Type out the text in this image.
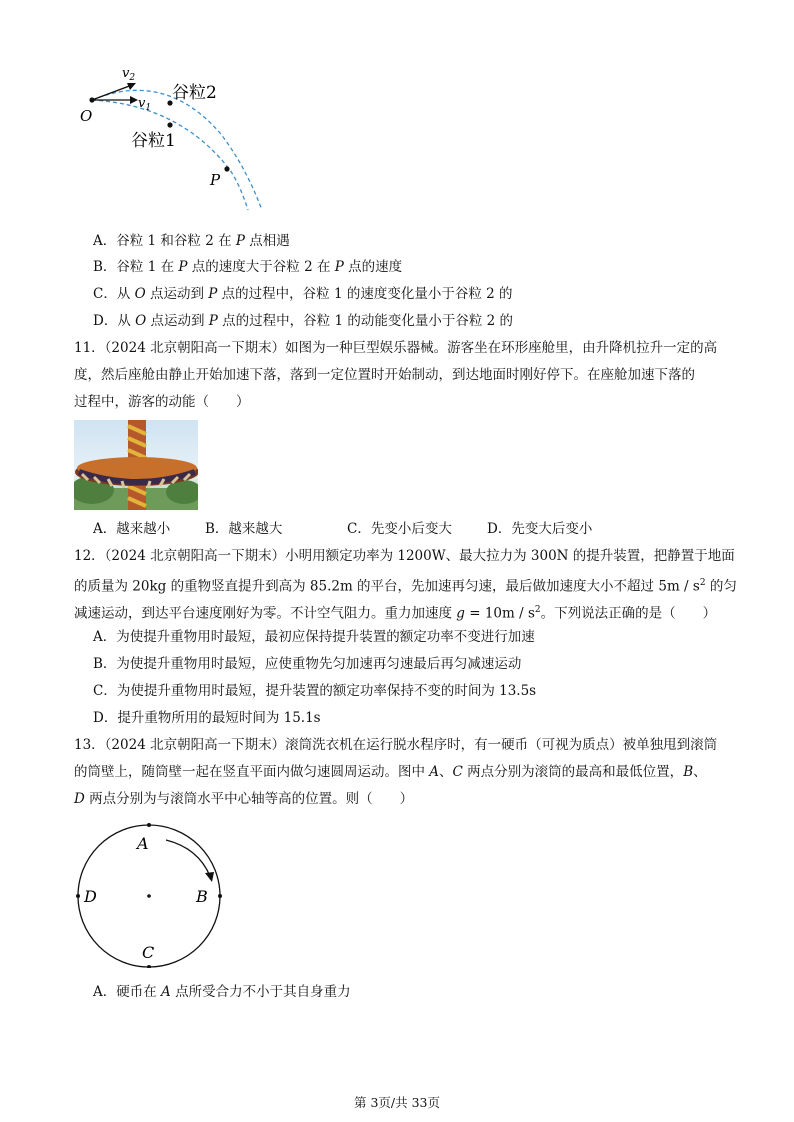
O
P
$v_2$
$v_1$
谷粒2
谷粒1
A．谷粒 1 和谷粒 2 在 P 点相遇
B．谷粒 1 在 P 点的速度大于谷粒 2 在 P 点的速度
C．从 O 点运动到 P 点的过程中，谷粒 1 的速度变化量小于谷粒 2 的
D．从 O 点运动到 P 点的过程中，谷粒 1 的动能变化量小于谷粒 2 的
11．（2024 北京朝阳高一下期末）如图为一种巨型娱乐器械。游客坐在环形座舱里，由升降机拉升一定的高
度，然后座舱由静止开始加速下落，落到一定位置时开始制动，到达地面时刚好停下。在座舱加速下落的
过程中，游客的动能（　　）
A．越来越小	B．越来越大	C．先变小后变大	D．先变大后变小
12．（2024 北京朝阳高一下期末）小明用额定功率为 1200W、最大拉力为 300N 的提升装置，把静置于地面
的质量为 20kg 的重物竖直提升到高为 85.2m 的平台，先加速再匀速，最后做加速度大小不超过 $5m / s^2$ 的匀
减速运动，到达平台速度刚好为零。不计空气阻力。重力加速度 $g = 10m / s^2$。下列说法正确的是（　　）
A．为使提升重物用时最短，最初应保持提升装置的额定功率不变进行加速
B．为使提升重物用时最短，应使重物先匀加速再匀速最后再匀减速运动
C．为使提升重物用时最短，提升装置的额定功率保持不变的时间为 13.5s
D．提升重物所用的最短时间为 15.1s
13．（2024 北京朝阳高一下期末）滚筒洗衣机在运行脱水程序时，有一硬币（可视为质点）被单独甩到滚筒
的筒壁上，随筒壁一起在竖直平面内做匀速圆周运动。图中 A、C 两点分别为滚筒的最高和最低位置，B、
D 两点分别为与滚筒水平中心轴等高的位置。则（　　）
A
B
C
D
A．硬币在 A 点所受合力不小于其自身重力
第 3页/共 33页
